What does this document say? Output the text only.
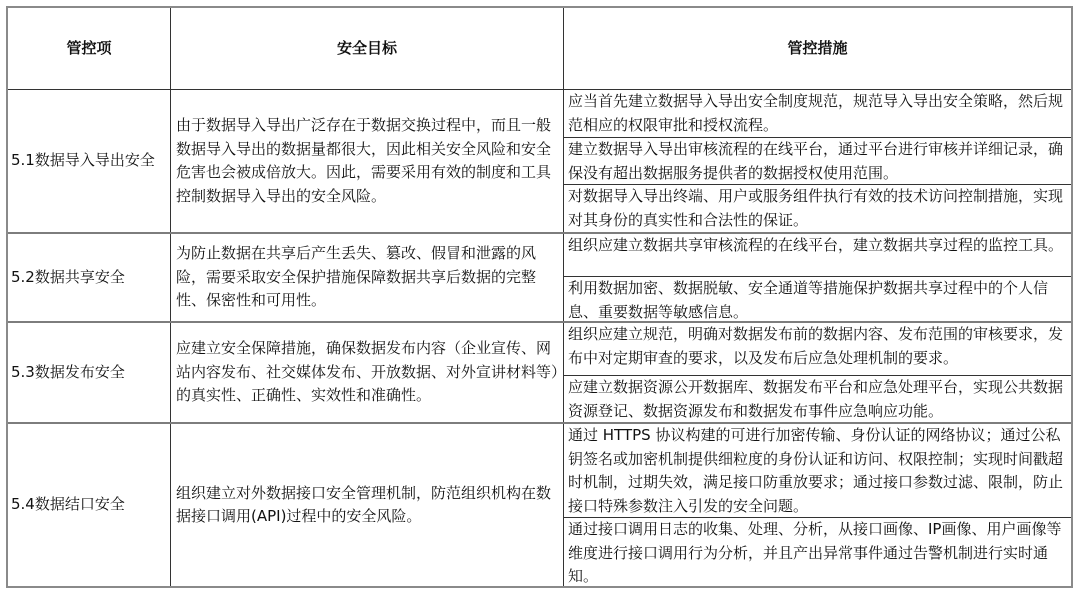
管控项	安全目标	管控措施
5.1数据导入导出安全
由于数据导入导出广泛存在于数据交换过程中，而且一般数据导入导出的数据量都很大，因此相关安全风险和安全危害也会被成倍放大。因此，需要采用有效的制度和工具控制数据导入导出的安全风险。
应当首先建立数据导入导出安全制度规范，规范导入导出安全策略，然后规范相应的权限审批和授权流程。
建立数据导入导出审核流程的在线平台，通过平台进行审核并详细记录，确保没有超出数据服务提供者的数据授权使用范围。
对数据导入导出终端、用户或服务组件执行有效的技术访问控制措施，实现对其身份的真实性和合法性的保证。
5.2数据共享安全
为防止数据在共享后产生丢失、篡改、假冒和泄露的风险，需要采取安全保护措施保障数据共享后数据的完整性、保密性和可用性。
组织应建立数据共享审核流程的在线平台，建立数据共享过程的监控工具。
利用数据加密、数据脱敏、安全通道等措施保护数据共享过程中的个人信息、重要数据等敏感信息。
5.3数据发布安全
应建立安全保障措施，确保数据发布内容（企业宣传、网站内容发布、社交媒体发布、开放数据、对外宣讲材料等）的真实性、正确性、实效性和准确性。
组织应建立规范，明确对数据发布前的数据内容、发布范围的审核要求，发布中对定期审查的要求，以及发布后应急处理机制的要求。
应建立数据资源公开数据库、数据发布平台和应急处理平台，实现公共数据资源登记、数据资源发布和数据发布事件应急响应功能。
5.4数据结口安全
组织建立对外数据接口安全管理机制，防范组织机构在数据接口调用(API)过程中的安全风险。
通过 HTTPS 协议构建的可进行加密传输、身份认证的网络协议；通过公私钥签名或加密机制提供细粒度的身份认证和访问、权限控制；实现时间戳超时机制，过期失效，满足接口防重放要求；通过接口参数过滤、限制，防止接口特殊参数注入引发的安全问题。
通过接口调用日志的收集、处理、分析，从接口画像、IP画像、用户画像等维度进行接口调用行为分析，并且产出异常事件通过告警机制进行实时通知。
